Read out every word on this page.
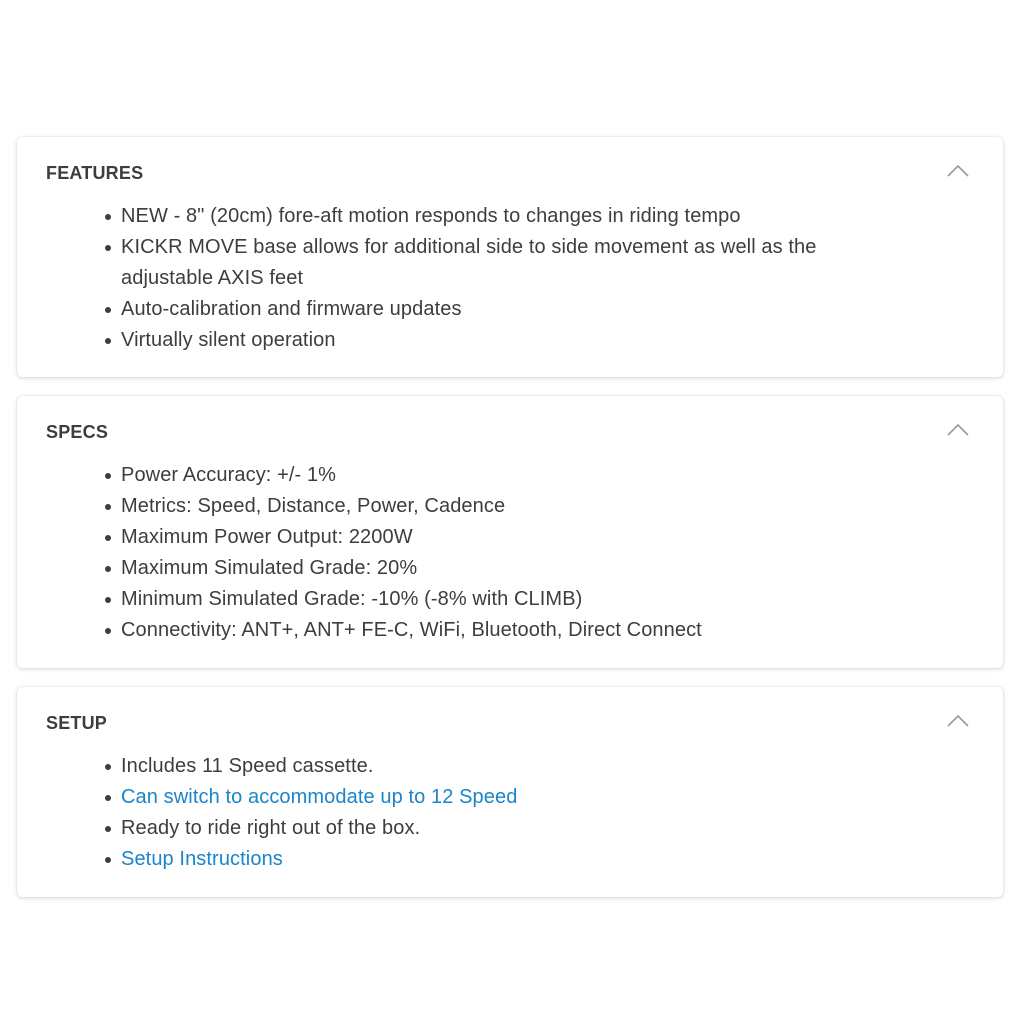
FEATURES
NEW - 8" (20cm) fore-aft motion responds to changes in riding tempo
KICKR MOVE base allows for additional side to side movement as well as the adjustable AXIS feet
Auto-calibration and firmware updates
Virtually silent operation
SPECS
Power Accuracy: +/- 1%
Metrics: Speed, Distance, Power, Cadence
Maximum Power Output: 2200W
Maximum Simulated Grade: 20%
Minimum Simulated Grade: -10% (-8% with CLIMB)
Connectivity: ANT+, ANT+ FE-C, WiFi, Bluetooth, Direct Connect
SETUP
Includes 11 Speed cassette.
Can switch to accommodate up to 12 Speed
Ready to ride right out of the box.
Setup Instructions
